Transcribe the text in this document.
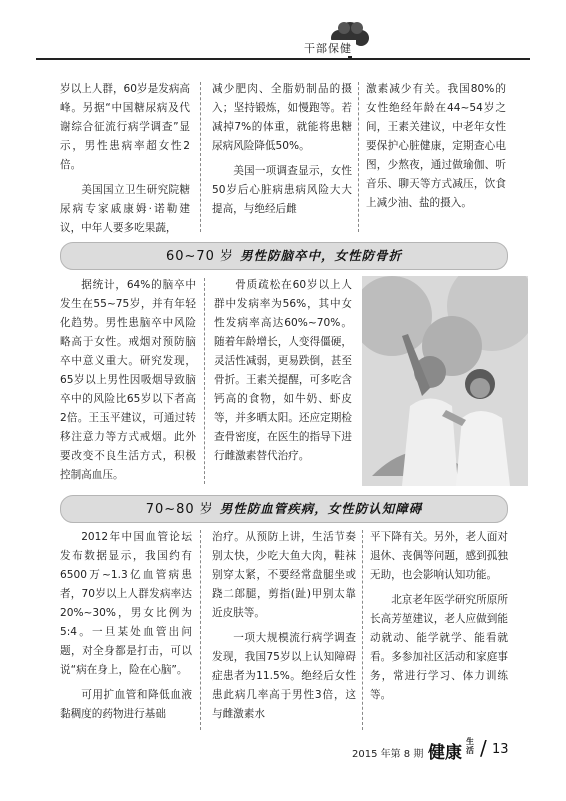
干部保健

岁以上人群，60岁是发病高峰。另据“中国糖尿病及代谢综合征流行病学调查”显示，男性患病率超女性2倍。

美国国立卫生研究院糖尿病专家戚康姆·诺勒建议，中年人要多吃果蔬，

减少肥肉、全脂奶制品的摄入；坚持锻炼，如慢跑等。若减掉7%的体重，就能将患糖尿病风险降低50%。

美国一项调查显示，女性50岁后心脏病患病风险大大提高，与绝经后雌

激素减少有关。我国80%的女性绝经年龄在44~54岁之间，王素关建议，中老年女性要保护心脏健康，定期查心电图，少熬夜，通过做瑜伽、听音乐、聊天等方式减压，饮食上减少油、盐的摄入。

60~70 岁 男性防脑卒中，女性防骨折

据统计，64%的脑卒中发生在55~75岁，并有年轻化趋势。男性患脑卒中风险略高于女性。戒烟对预防脑卒中意义重大。研究发现，65岁以上男性因吸烟导致脑卒中的风险比65岁以下者高2倍。王玉平建议，可通过转移注意力等方式戒烟。此外要改变不良生活方式，积极控制高血压。

骨质疏松在60岁以上人群中发病率为56%，其中女性发病率高达60%~70%。随着年龄增长，人变得僵硬，灵活性减弱，更易跌倒，甚至骨折。王素关提醒，可多吃含钙高的食物，如牛奶、虾皮等，并多晒太阳。还应定期检查骨密度，在医生的指导下进行雌激素替代治疗。

70~80 岁 男性防血管疾病，女性防认知障碍

2012年中国血管论坛发布数据显示，我国约有6500万~1.3亿血管病患者，70岁以上人群发病率达20%~30%，男女比例为5:4。一旦某处血管出问题，对全身都是打击，可以说“病在身上，险在心脑”。

可用扩血管和降低血液黏稠度的药物进行基础

治疗。从预防上讲，生活节奏别太快，少吃大鱼大肉，鞋袜别穿太紧，不要经常盘腿坐或跷二郎腿，剪指(趾)甲别太靠近皮肤等。

一项大规模流行病学调查发现，我国75岁以上认知障碍症患者为11.5%。绝经后女性患此病几率高于男性3倍，这与雌激素水

平下降有关。另外，老人面对退休、丧偶等问题，感到孤独无助，也会影响认知功能。

北京老年医学研究所原所长高芳堃建议，老人应做到能动就动、能学就学、能看就看。多参加社区活动和家庭事务，常进行学习、体力训练等。

2015 年第 8 期 健康
生活 / 13
